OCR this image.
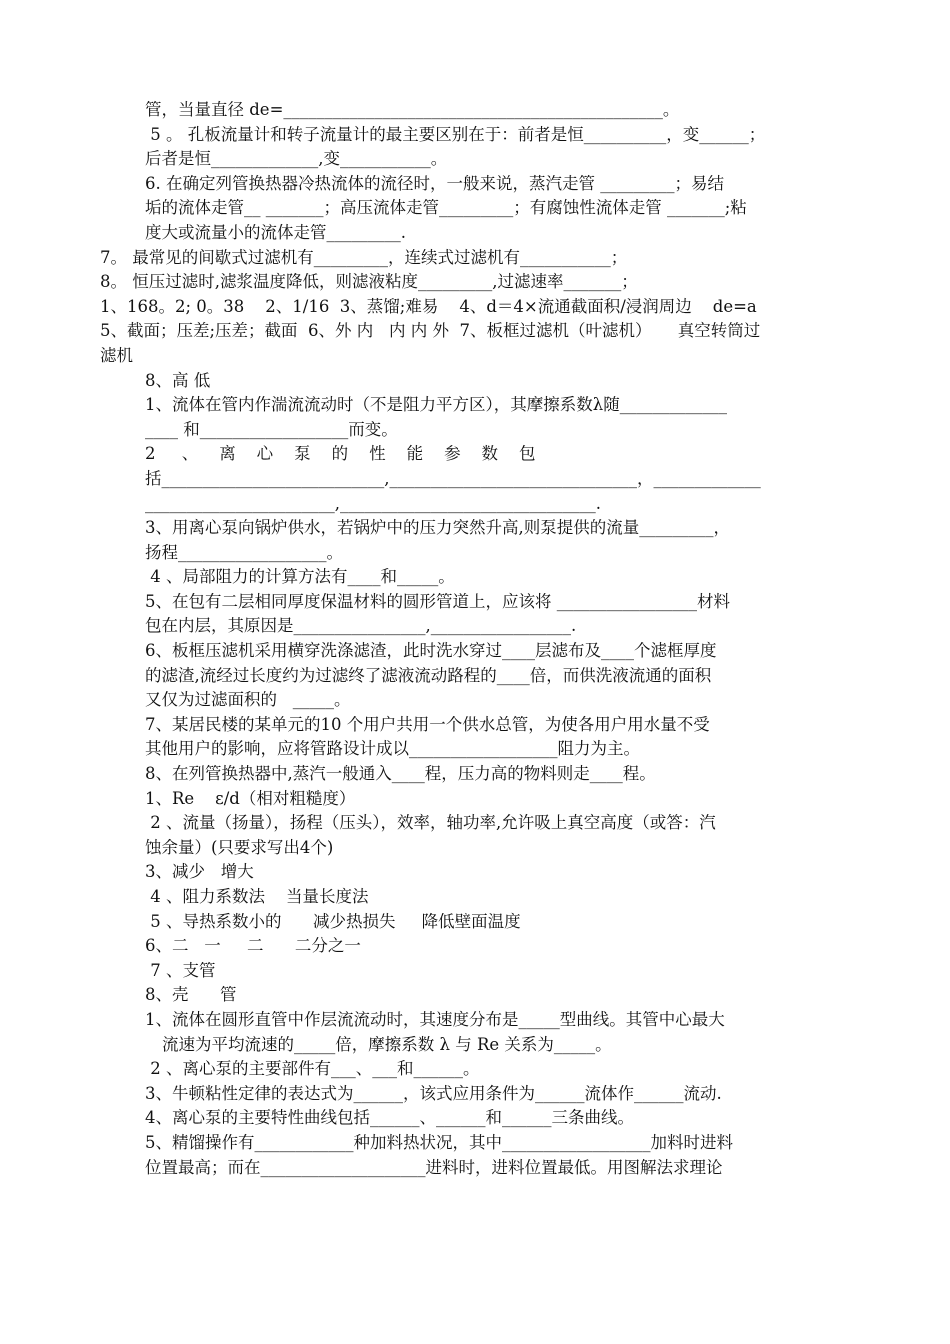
管，当量直径 de=______________________________________________。
5 。 孔板流量计和转子流量计的最主要区别在于：前者是恒__________，变______；
后者是恒_____________,变___________。
6. 在确定列管换热器冷热流体的流径时，一般来说，蒸汽走管 _________；易结
垢的流体走管__ _______；高压流体走管_________；有腐蚀性流体走管 _______;粘
度大或流量小的流体走管_________.
7。 最常见的间歇式过滤机有_________，连续式过滤机有___________；
8。 恒压过滤时,滤浆温度降低，则滤液粘度_________,过滤速率_______；
1、168。2; 0。38    2、1/16  3、蒸馏;难易    4、d＝4×流通截面积/浸润周边    de=a
5、截面；压差;压差；截面  6、外 内   内 内 外  7、板框过滤机（叶滤机）     真空转筒过
滤机
8、高 低
1、流体在管内作湍流流动时（不是阻力平方区），其摩擦系数λ随_____________
____ 和__________________而变。
2     、    离    心    泵    的    性    能    参    数    包
括___________________________,______________________________，_____________
_______________________,_______________________________.
3、用离心泵向锅炉供水，若锅炉中的压力突然升高,则泵提供的流量_________，
扬程__________________。
4 、局部阻力的计算方法有____和_____。
5、在包有二层相同厚度保温材料的圆形管道上，应该将 _________________材料
包在内层，其原因是________________,_________________.
6、板框压滤机采用横穿洗涤滤渣，此时洗水穿过____层滤布及____个滤框厚度
的滤渣,流经过长度约为过滤终了滤液流动路程的____倍，而供洗液流通的面积
又仅为过滤面积的   _____。
7、某居民楼的某单元的10 个用户共用一个供水总管，为使各用户用水量不受
其他用户的影响，应将管路设计成以__________________阻力为主。
8、在列管换热器中,蒸汽一般通入____程，压力高的物料则走____程。
1、Re    ε/d（相对粗糙度）
2 、流量（扬量），扬程（压头），效率，轴功率,允许吸上真空高度（或答：汽
蚀余量）(只要求写出4个)
3、减少   增大
4 、阻力系数法    当量长度法
5 、导热系数小的      减少热损失     降低壁面温度
6、二   一     二      二分之一
7 、支管
8、壳      管
1、流体在圆形直管中作层流流动时，其速度分布是_____型曲线。其管中心最大
流速为平均流速的_____倍，摩擦系数 λ 与 Re 关系为_____。
2 、离心泵的主要部件有___、___和______。
3、牛顿粘性定律的表达式为______，该式应用条件为______流体作______流动.
4、离心泵的主要特性曲线包括______、______和______三条曲线。
5、精馏操作有____________种加料热状况，其中__________________加料时进料
位置最高；而在____________________进料时，进料位置最低。用图解法求理论
